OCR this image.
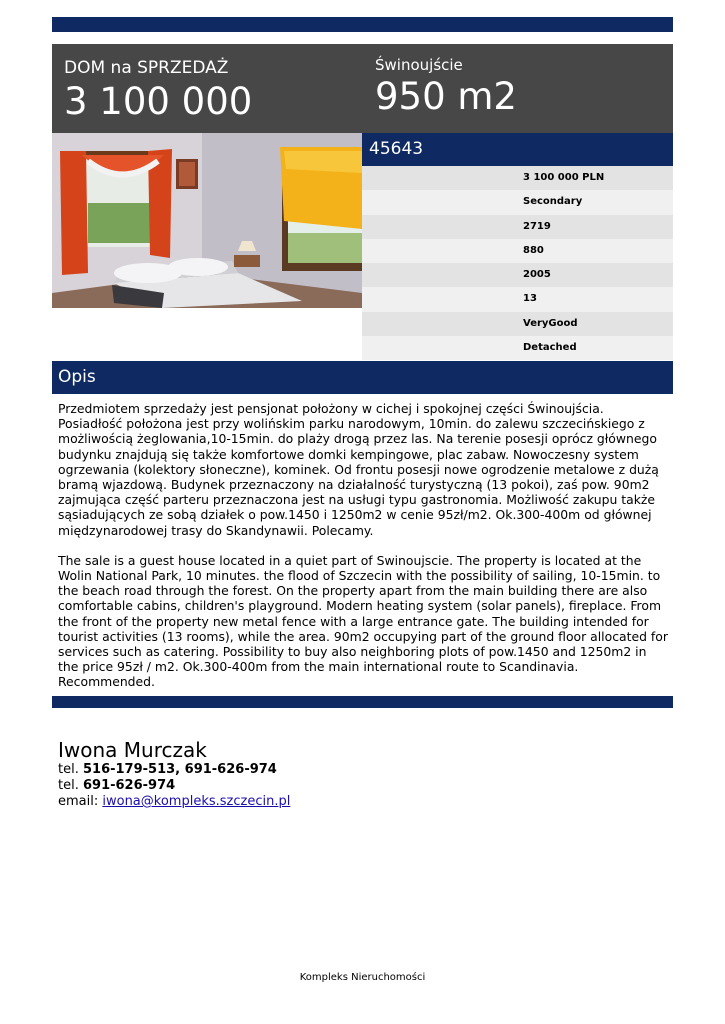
DOM na SPRZEDAŻ
3 100 000
Świnoujście
950 m2
45643
3 100 000 PLN
Secondary
2719
880
2005
13
VeryGood
Detached
Opis

Przedmiotem sprzedaży jest pensjonat położony w cichej i spokojnej części Świnoujścia. Posiadłość położona jest przy wolińskim parku narodowym, 10min. do zalewu szczecińskiego z możliwością żeglowania,10-15min. do plaży drogą przez las. Na terenie posesji oprócz głównego budynku znajdują się także komfortowe domki kempingowe, plac zabaw. Nowoczesny system ogrzewania (kolektory słoneczne), kominek. Od frontu posesji nowe ogrodzenie metalowe z dużą bramą wjazdową. Budynek przeznaczony na działalność turystyczną (13 pokoi), zaś pow. 90m2 zajmująca część parteru przeznaczona jest na usługi typu gastronomia. Możliwość zakupu także sąsiadujących ze sobą działek o pow.1450 i 1250m2 w cenie 95zł/m2. Ok.300-400m od głównej międzynarodowej trasy do Skandynawii. Polecamy.

The sale is a guest house located in a quiet part of Swinoujscie. The property is located at the Wolin National Park, 10 minutes. the flood of Szczecin with the possibility of sailing, 10-15min. to the beach road through the forest. On the property apart from the main building there are also comfortable cabins, children's playground. Modern heating system (solar panels), fireplace. From the front of the property new metal fence with a large entrance gate. The building intended for tourist activities (13 rooms), while the area. 90m2 occupying part of the ground floor allocated for services such as catering. Possibility to buy also neighboring plots of pow.1450 and 1250m2 in the price 95zł / m2. Ok.300-400m from the main international route to Scandinavia. Recommended.

Iwona Murczak
tel. 516-179-513, 691-626-974
tel. 691-626-974
email: iwona@kompleks.szczecin.pl
Kompleks Nieruchomości
